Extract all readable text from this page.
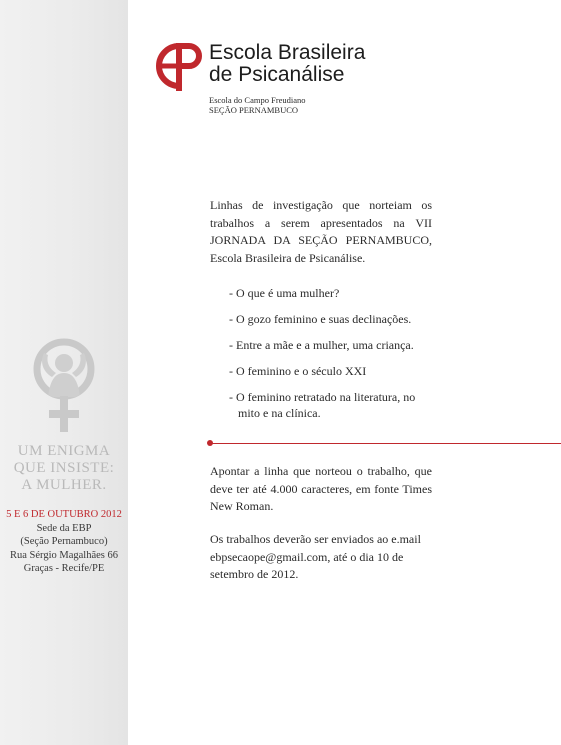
UM ENIGMA
QUE INSISTE:
A MULHER.
5 E 6 DE OUTUBRO 2012
Sede da EBP
(Seção Pernambuco)
Rua Sérgio Magalhães 66
Graças - Recife/PE
Escola Brasileira
de Psicanálise
Escola do Campo Freudiano
SEÇÃO PERNAMBUCO
Linhas de investigação que norteiam os trabalhos a serem apresentados na VII JORNADA DA SEÇÃO PERNAMBUCO, Escola Brasileira de Psicanálise.
- O que é uma mulher?
- O gozo feminino e suas declinações.
- Entre a mãe e a mulher, uma criança.
- O feminino e o século XXI
- O feminino retratado na literatura, no
mito e na clínica.
Apontar a linha que norteou o trabalho, que deve ter até 4.000 caracteres, em fonte Times New Roman.
Os trabalhos deverão ser enviados ao e.mail ebpsecaope@gmail.com, até o dia 10 de setembro de 2012.
